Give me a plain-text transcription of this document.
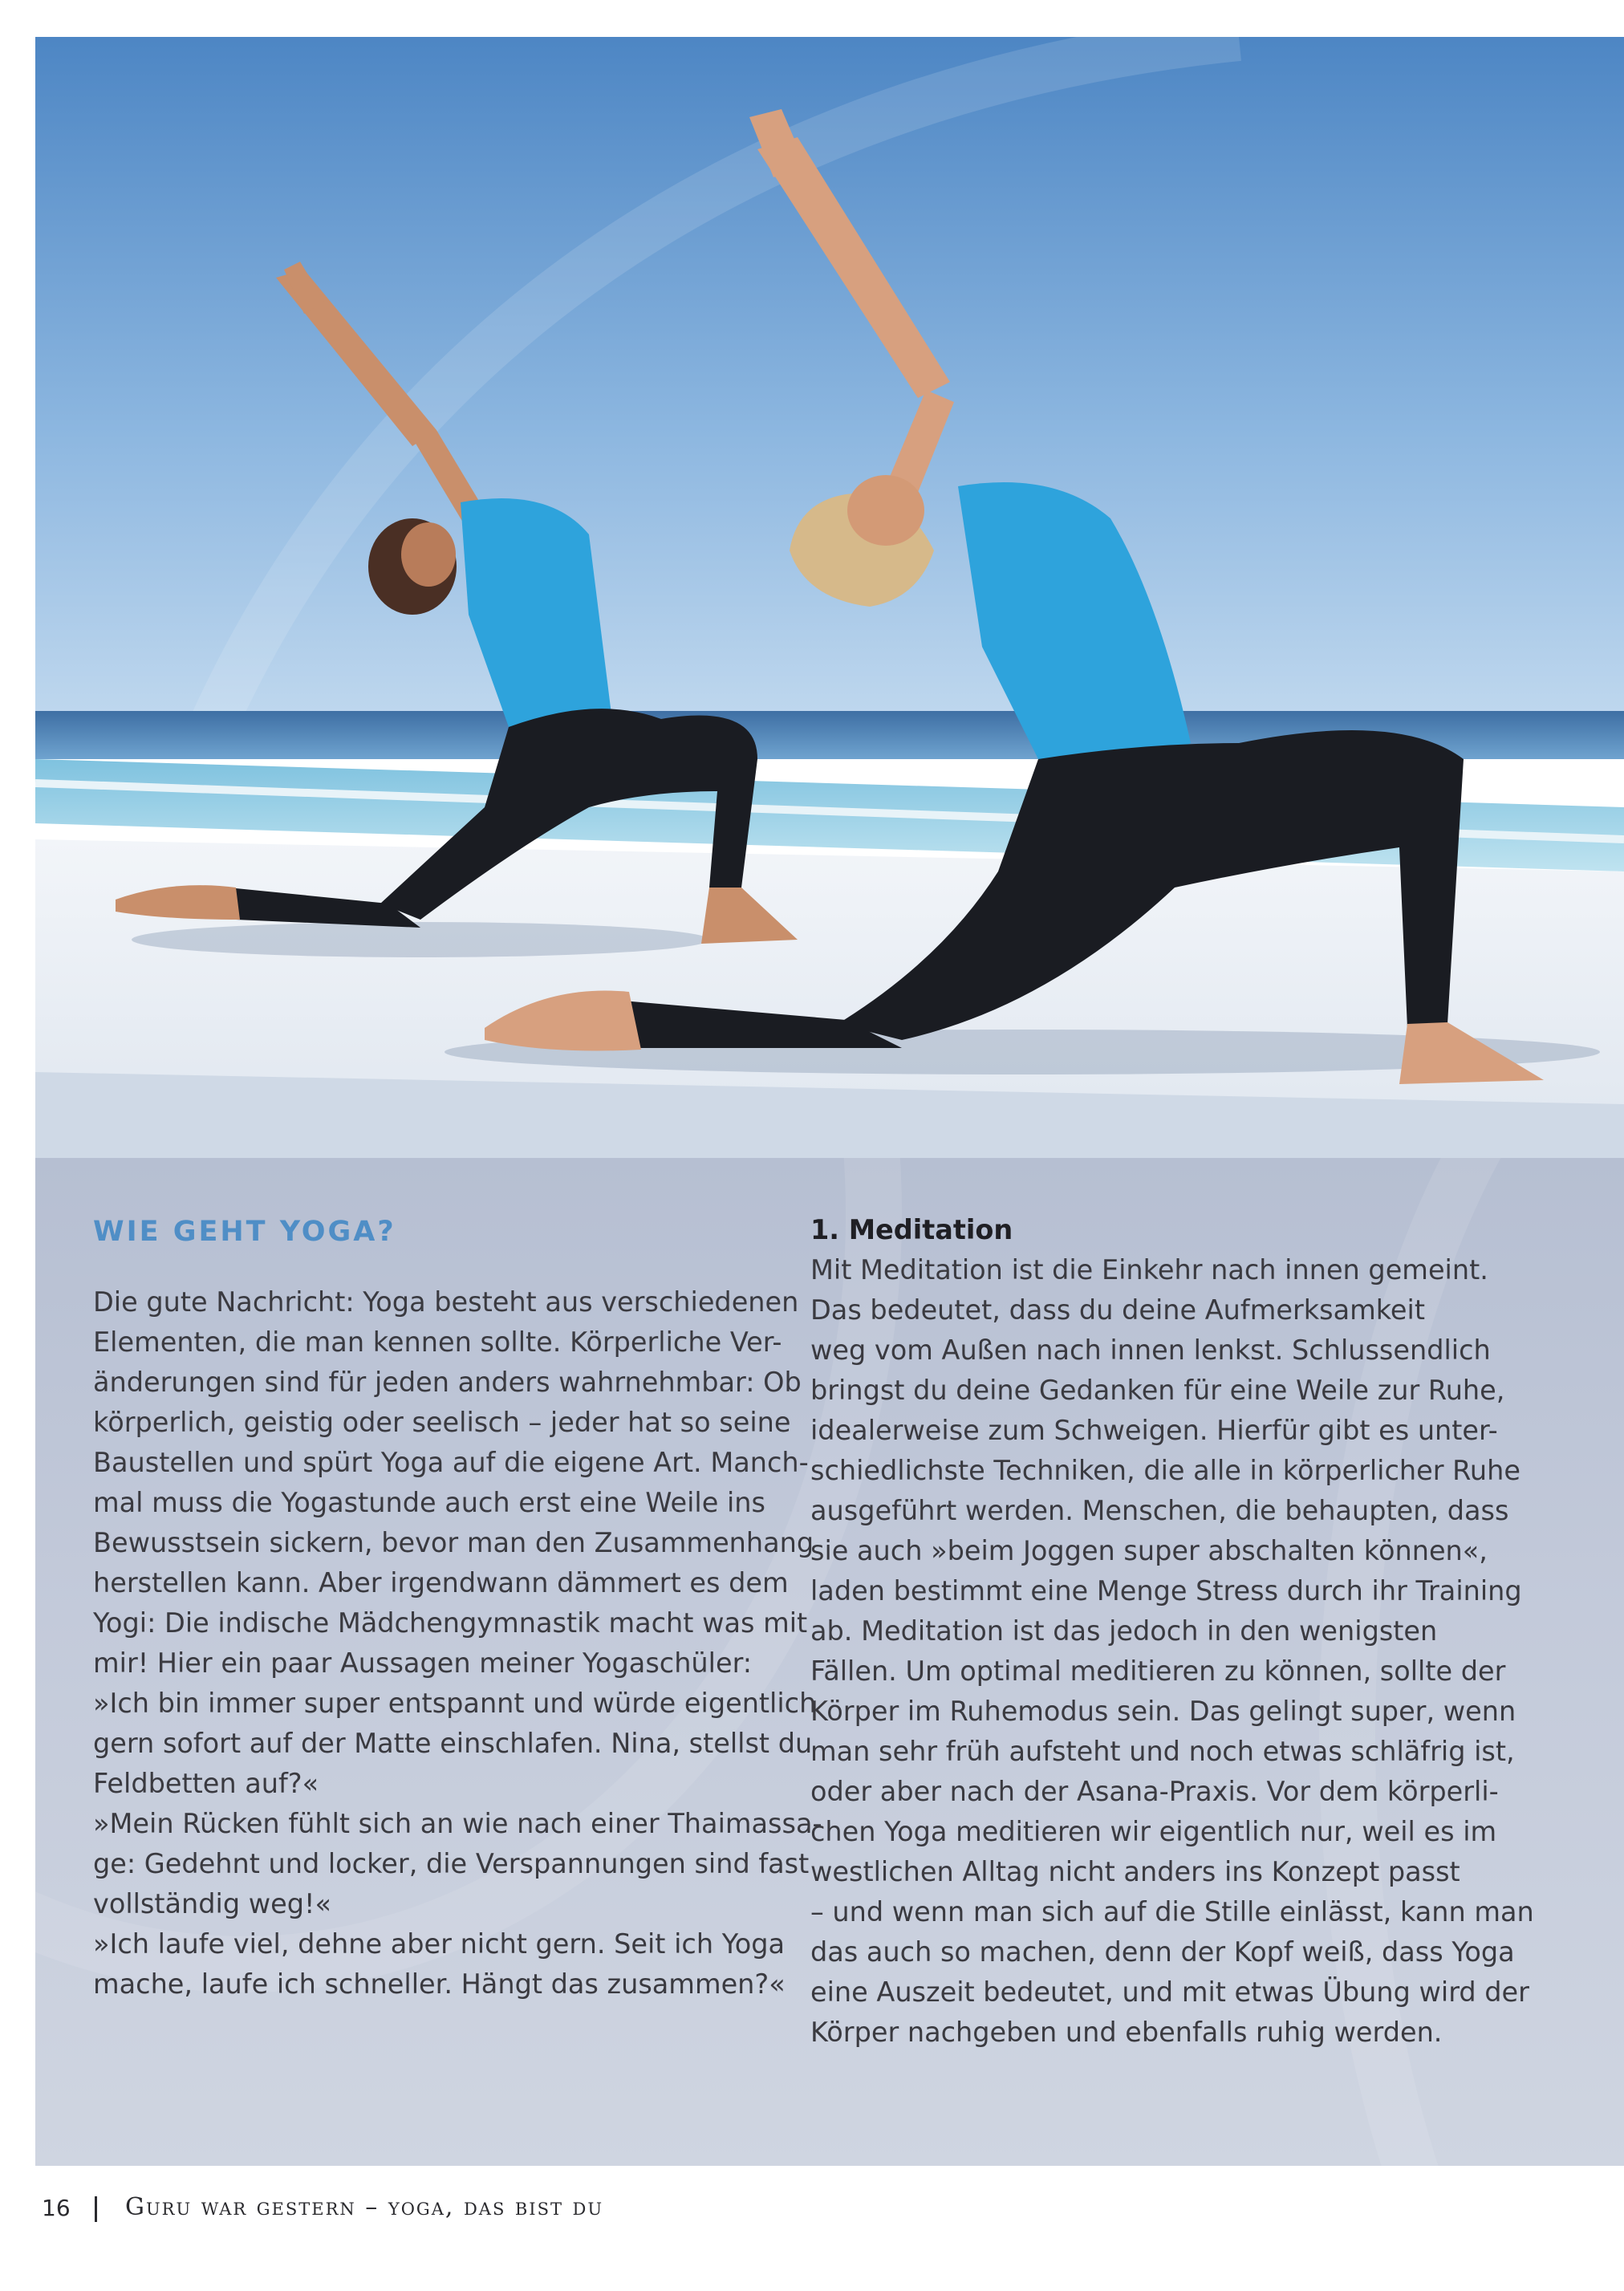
WIE GEHT YOGA?
Die gute Nachricht: Yoga besteht aus verschiedenen
Elementen, die man kennen sollte. Körperliche Ver-
änderungen sind für jeden anders wahrnehmbar: Ob
körperlich, geistig oder seelisch – jeder hat so seine
Baustellen und spürt Yoga auf die eigene Art. Manch-
mal muss die Yogastunde auch erst eine Weile ins
Bewusstsein sickern, bevor man den Zusammenhang
herstellen kann. Aber irgendwann dämmert es dem
Yogi: Die indische Mädchengymnastik macht was mit
mir! Hier ein paar Aussagen meiner Yogaschüler:
»Ich bin immer super entspannt und würde eigentlich
gern sofort auf der Matte einschlafen. Nina, stellst du
Feldbetten auf?«
»Mein Rücken fühlt sich an wie nach einer Thaimassa-
ge: Gedehnt und locker, die Verspannungen sind fast
vollständig weg!«
»Ich laufe viel, dehne aber nicht gern. Seit ich Yoga
mache, laufe ich schneller. Hängt das zusammen?«
1. Meditation
Mit Meditation ist die Einkehr nach innen gemeint.
Das bedeutet, dass du deine Aufmerksamkeit
weg vom Außen nach innen lenkst. Schlussendlich
bringst du deine Gedanken für eine Weile zur Ruhe,
idealerweise zum Schweigen. Hierfür gibt es unter-
schiedlichste Techniken, die alle in körperlicher Ruhe
ausgeführt werden. Menschen, die behaupten, dass
sie auch »beim Joggen super abschalten können«,
laden bestimmt eine Menge Stress durch ihr Training
ab. Meditation ist das jedoch in den wenigsten
Fällen. Um optimal meditieren zu können, sollte der
Körper im Ruhemodus sein. Das gelingt super, wenn
man sehr früh aufsteht und noch etwas schläfrig ist,
oder aber nach der Asana-Praxis. Vor dem körperli-
chen Yoga meditieren wir eigentlich nur, weil es im
westlichen Alltag nicht anders ins Konzept passt
– und wenn man sich auf die Stille einlässt, kann man
das auch so machen, denn der Kopf weiß, dass Yoga
eine Auszeit bedeutet, und mit etwas Übung wird der
Körper nachgeben und ebenfalls ruhig werden.
16 Guru war gestern – yoga, das bist du
